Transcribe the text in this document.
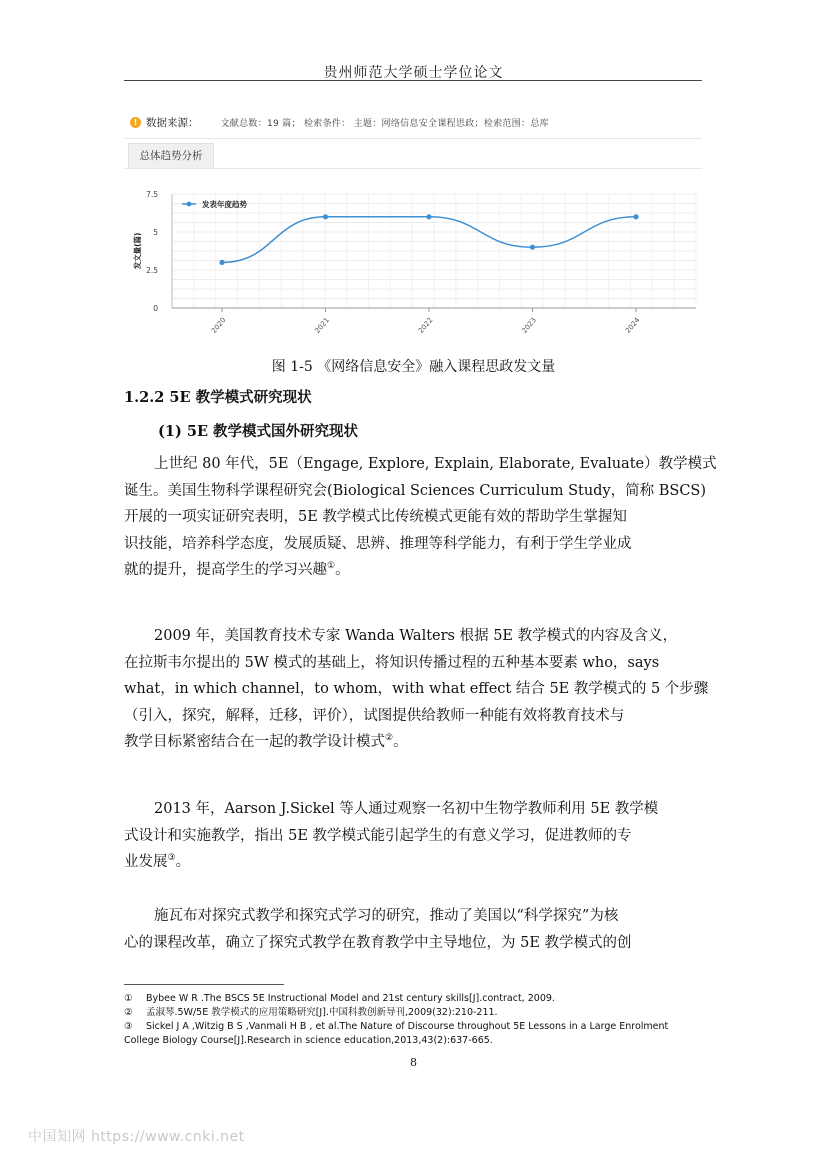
贵州师范大学硕士学位论文
! 数据来源： 文献总数：19 篇； 检索条件： 主题：网络信息安全课程思政；检索范围：总库
总体趋势分析
0
2.5
5
7.5
发文量(篇)
2020	2021	2022	2023	2024
发表年度趋势
图 1-5 《网络信息安全》融入课程思政发文量
1.2.2 5E 教学模式研究现状
(1) 5E 教学模式国外研究现状
上世纪 80 年代，5E（Engage, Explore, Explain, Elaborate, Evaluate）教学模式
诞生。美国生物科学课程研究会(Biological Sciences Curriculum Study，简称 BSCS)
开展的一项实证研究表明，5E 教学模式比传统模式更能有效的帮助学生掌握知
识技能，培养科学态度，发展质疑、思辨、推理等科学能力，有利于学生学业成
就的提升，提高学生的学习兴趣①。
2009 年，美国教育技术专家 Wanda Walters 根据 5E 教学模式的内容及含义，
在拉斯韦尔提出的 5W 模式的基础上，将知识传播过程的五种基本要素 who，says
what，in which channel，to whom，with what effect 结合 5E 教学模式的 5 个步骤
（引入，探究，解释，迁移，评价），试图提供给教师一种能有效将教育技术与
教学目标紧密结合在一起的教学设计模式②。
2013 年，Aarson J.Sickel 等人通过观察一名初中生物学教师利用 5E 教学模
式设计和实施教学，指出 5E 教学模式能引起学生的有意义学习，促进教师的专
业发展③。
施瓦布对探究式教学和探究式学习的研究，推动了美国以“科学探究”为核
心的课程改革，确立了探究式教学在教育教学中主导地位，为 5E 教学模式的创
① Bybee W R .The BSCS 5E Instructional Model and 21st century skills[J].contract, 2009.
② 孟淑琴.5W/5E 教学模式的应用策略研究[J].中国科教创新导刊,2009(32):210-211.
③ Sickel J A ,Witzig B S ,Vanmali H B , et al.The Nature of Discourse throughout 5E Lessons in a Large Enrolment
College Biology Course[J].Research in science education,2013,43(2):637-665.
8
中国知网 https://www.cnki.net
